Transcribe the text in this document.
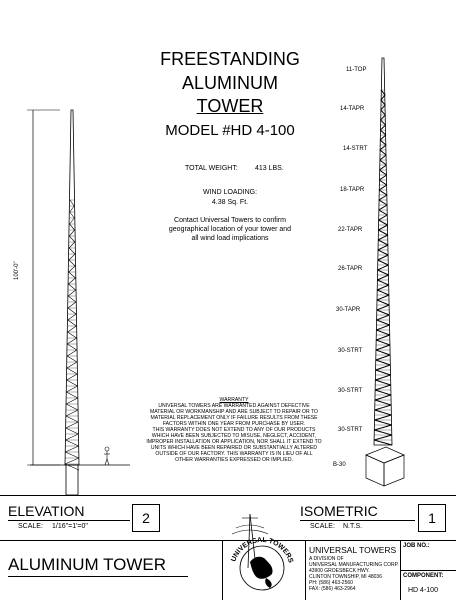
FREESTANDING
ALUMINUM
TOWER
MODEL #HD 4-100
TOTAL WEIGHT: 413 LBS.
WIND LOADING:
4.38 Sq. Ft.
Contact Universal Towers to confirm
geographical location of your tower and
all wind load implications
100'-0"
11-TOP
14-TAPR
14-STRT
18-TAPR
22-TAPR
26-TAPR
30-TAPR
30-STRT
30-STRT
30-STRT
B-30
WARRANTY
UNIVERSAL TOWERS ARE WARRANTED AGAINST DEFECTIVE
MATERIAL OR WORKMANSHIP AND ARE SUBJECT TO REPAIR OR TO
MATERIAL REPLACEMENT ONLY IF FAILURE RESULTS FROM THESE
FACTORS WITHIN ONE YEAR FROM PURCHASE BY USER.
THIS WARRANTY DOES NOT EXTEND TO ANY OF OUR PRODUCTS
WHICH HAVE BEEN SUBJECTED TO MISUSE, NEGLECT, ACCIDENT,
IMPROPER INSTALLATION OR APPLICATION, NOR SHALL IT EXTEND TO
UNITS WHICH HAVE BEEN REPAIRED OR SUBSTANTIALLY ALTERED
OUTSIDE OF OUR FACTORY. THIS WARRANTY IS IN LIEU OF ALL
OTHER WARRANTIES EXPRESSED OR IMPLIED.
ELEVATION
SCALE: 1/16"=1'=0"
2	ISOMETRIC
SCALE: N.T.S.
1
ALUMINUM TOWER	UNIVERSAL TOWERS
UNIVERSAL TOWERS
A DIVISION OF
UNIVERSAL MANUFACTURING CORP.
43900 GROESBECK HWY.
CLINTON TOWNSHIP, MI 48036
PH: (586) 463-2560
FAX: (586) 463-2964
JOB NO.:
COMPONENT:
HD 4-100
